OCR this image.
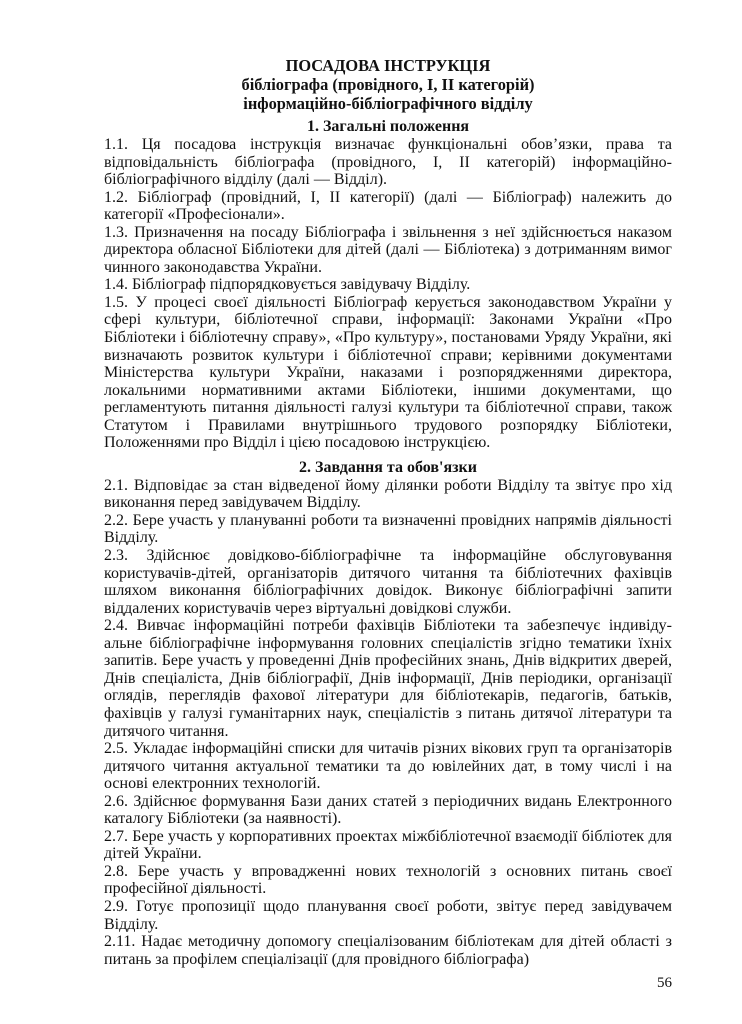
ПОСАДОВА ІНСТРУКЦІЯ
бібліографа (провідного, І, ІІ категорій)
інформаційно-бібліографічного відділу
1. Загальні положення

1.1. Ця посадова інструкція визначає функціональні обов’язки, права та відповідальність бібліографа (провідного, І, ІІ категорій) інформаційно-бібліографічного відділу (далі — Відділ).

1.2. Бібліограф (провідний, І, ІІ категорії) (далі — Бібліограф) належить до категорії «Професіонали».

1.3. Призначення на посаду Бібліографа і звільнення з неї здійснюється наказом директора обласної Бібліотеки для дітей (далі — Бібліотека) з дотриманням вимог чинного законодавства України.

1.4. Бібліограф підпорядковується завідувачу Відділу.

1.5. У процесі своєї діяльності Бібліограф керується законодавством України у сфері культури, бібліотечної справи, інформації: Законами України «Про Бібліотеки і бібліотечну справу», «Про культуру», постановами Уряду України, які визначають розвиток культури і бібліотечної справи; керівними документами Міністерства культури України, наказами і розпорядженнями директора, локальними нормативними актами Бібліотеки, іншими документами, що регламентують питання діяльності галузі культури та бібліотечної справи, також Статутом і Правилами внутрішнього трудового розпорядку Бібліотеки, Положеннями про Відділ і цією посадовою інструкцією.

2. Завдання та обов'язки

2.1. Відповідає за стан відведеної йому ділянки роботи Відділу та звітує про хід виконання перед завідувачем Відділу.

2.2. Бере участь у плануванні роботи та визначенні провідних напрямів діяльності Відділу.

2.3. Здійснює довідково-бібліографічне та інформаційне обслуговування користувачів-дітей, організаторів дитячого читання та бібліотечних фахівців шляхом виконання бібліографічних довідок. Виконує бібліографічні запити віддалених користувачів через віртуальні довідкові служби.

2.4. Вивчає інформаційні потреби фахівців Бібліотеки та забезпечує індивіду-альне бібліографічне інформування головних спеціалістів згідно тематики їхніх запитів. Бере участь у проведенні Днів професійних знань, Днів відкритих дверей, Днів спеціаліста, Днів бібліографії, Днів інформації, Днів періодики, організації оглядів, переглядів фахової літератури для бібліотекарів, педагогів, батьків, фахівців у галузі гуманітарних наук, спеціалістів з питань дитячої літератури та дитячого читання.

2.5. Укладає інформаційні списки для читачів різних вікових груп та організаторів дитячого читання актуальної тематики та до ювілейних дат, в тому числі і на основі електронних технологій.

2.6. Здійснює формування Бази даних статей з періодичних видань Електронного каталогу Бібліотеки (за наявності).

2.7. Бере участь у корпоративних проектах міжбібліотечної взаємодії бібліотек для дітей України.

2.8. Бере участь у впровадженні нових технологій з основних питань своєї професійної діяльності.

2.9. Готує пропозиції щодо планування своєї роботи, звітує перед завідувачем Відділу.

2.11. Надає методичну допомогу спеціалізованим бібліотекам для дітей області з питань за профілем спеціалізації (для провідного бібліографа)

56
